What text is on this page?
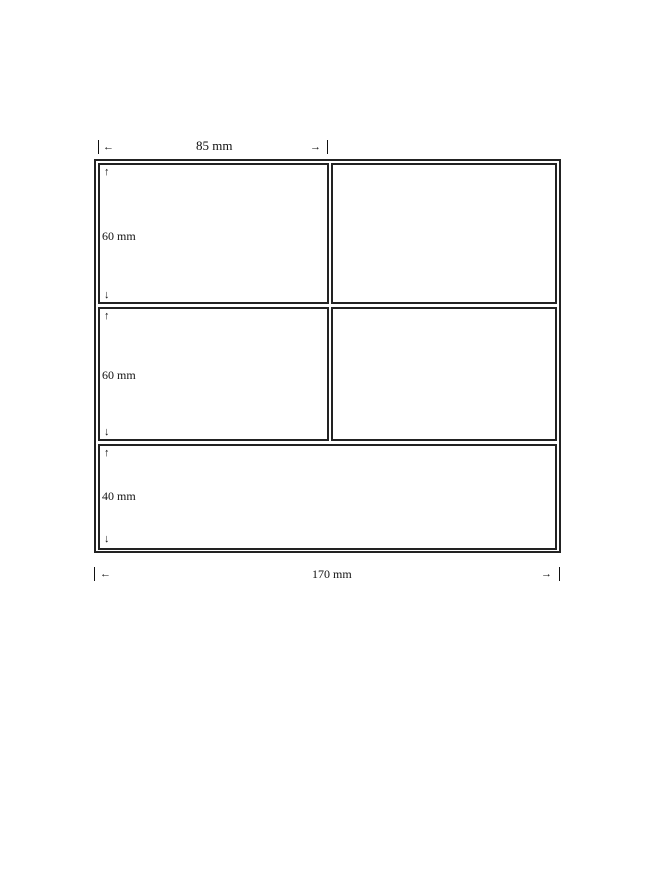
←	85 mm	→
↑
60 mm
↓
↑
60 mm
↓
↑
40 mm
↓
←	170 mm	→
